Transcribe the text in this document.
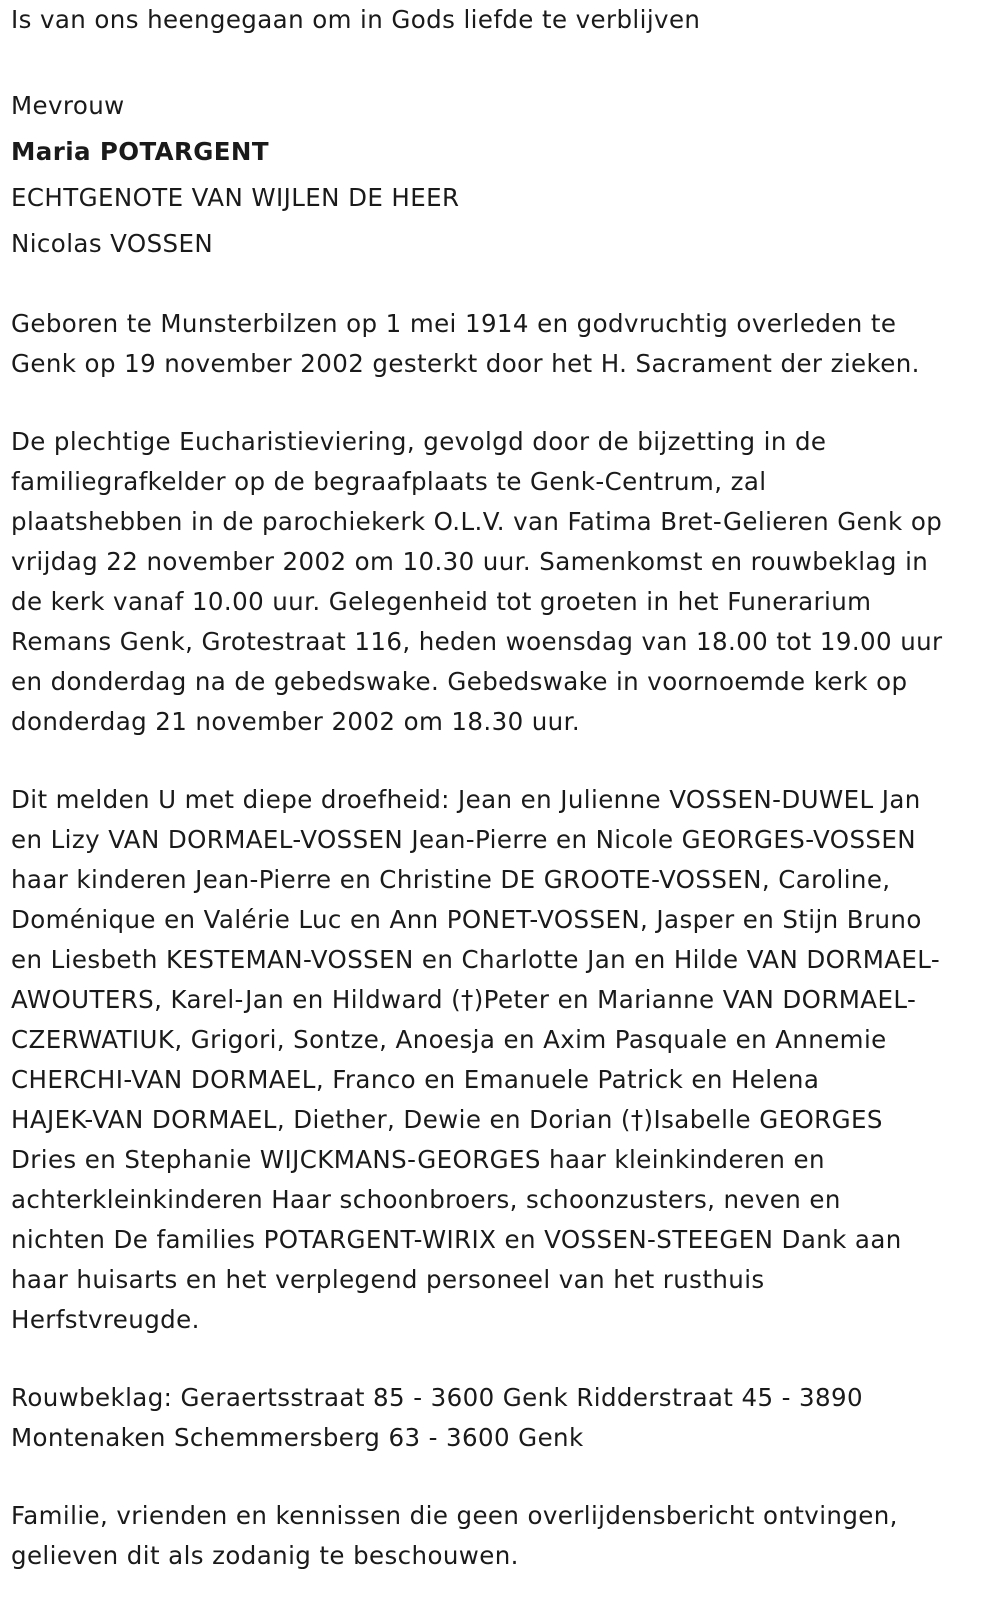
Is van ons heengegaan om in Gods liefde te verblijven
Mevrouw
Maria POTARGENT
ECHTGENOTE VAN WIJLEN DE HEER
Nicolas VOSSEN
Geboren te Munsterbilzen op 1 mei 1914 en godvruchtig overleden te
Genk op 19 november 2002 gesterkt door het H. Sacrament der zieken.
De plechtige Eucharistieviering, gevolgd door de bijzetting in de
familiegrafkelder op de begraafplaats te Genk-Centrum, zal
plaatshebben in de parochiekerk O.L.V. van Fatima Bret-Gelieren Genk op
vrijdag 22 november 2002 om 10.30 uur. Samenkomst en rouwbeklag in
de kerk vanaf 10.00 uur. Gelegenheid tot groeten in het Funerarium
Remans Genk, Grotestraat 116, heden woensdag van 18.00 tot 19.00 uur
en donderdag na de gebedswake. Gebedswake in voornoemde kerk op
donderdag 21 november 2002 om 18.30 uur.
Dit melden U met diepe droefheid: Jean en Julienne VOSSEN-DUWEL Jan
en Lizy VAN DORMAEL-VOSSEN Jean-Pierre en Nicole GEORGES-VOSSEN
haar kinderen Jean-Pierre en Christine DE GROOTE-VOSSEN, Caroline,
Doménique en Valérie Luc en Ann PONET-VOSSEN, Jasper en Stijn Bruno
en Liesbeth KESTEMAN-VOSSEN en Charlotte Jan en Hilde VAN DORMAEL-
AWOUTERS, Karel-Jan en Hildward (†)Peter en Marianne VAN DORMAEL-
CZERWATIUK, Grigori, Sontze, Anoesja en Axim Pasquale en Annemie
CHERCHI-VAN DORMAEL, Franco en Emanuele Patrick en Helena
HAJEK-VAN DORMAEL, Diether, Dewie en Dorian (†)Isabelle GEORGES
Dries en Stephanie WIJCKMANS-GEORGES haar kleinkinderen en
achterkleinkinderen Haar schoonbroers, schoonzusters, neven en
nichten De families POTARGENT-WIRIX en VOSSEN-STEEGEN Dank aan
haar huisarts en het verplegend personeel van het rusthuis
Herfstvreugde.
Rouwbeklag: Geraertsstraat 85 - 3600 Genk Ridderstraat 45 - 3890
Montenaken Schemmersberg 63 - 3600 Genk
Familie, vrienden en kennissen die geen overlijdensbericht ontvingen,
gelieven dit als zodanig te beschouwen.
